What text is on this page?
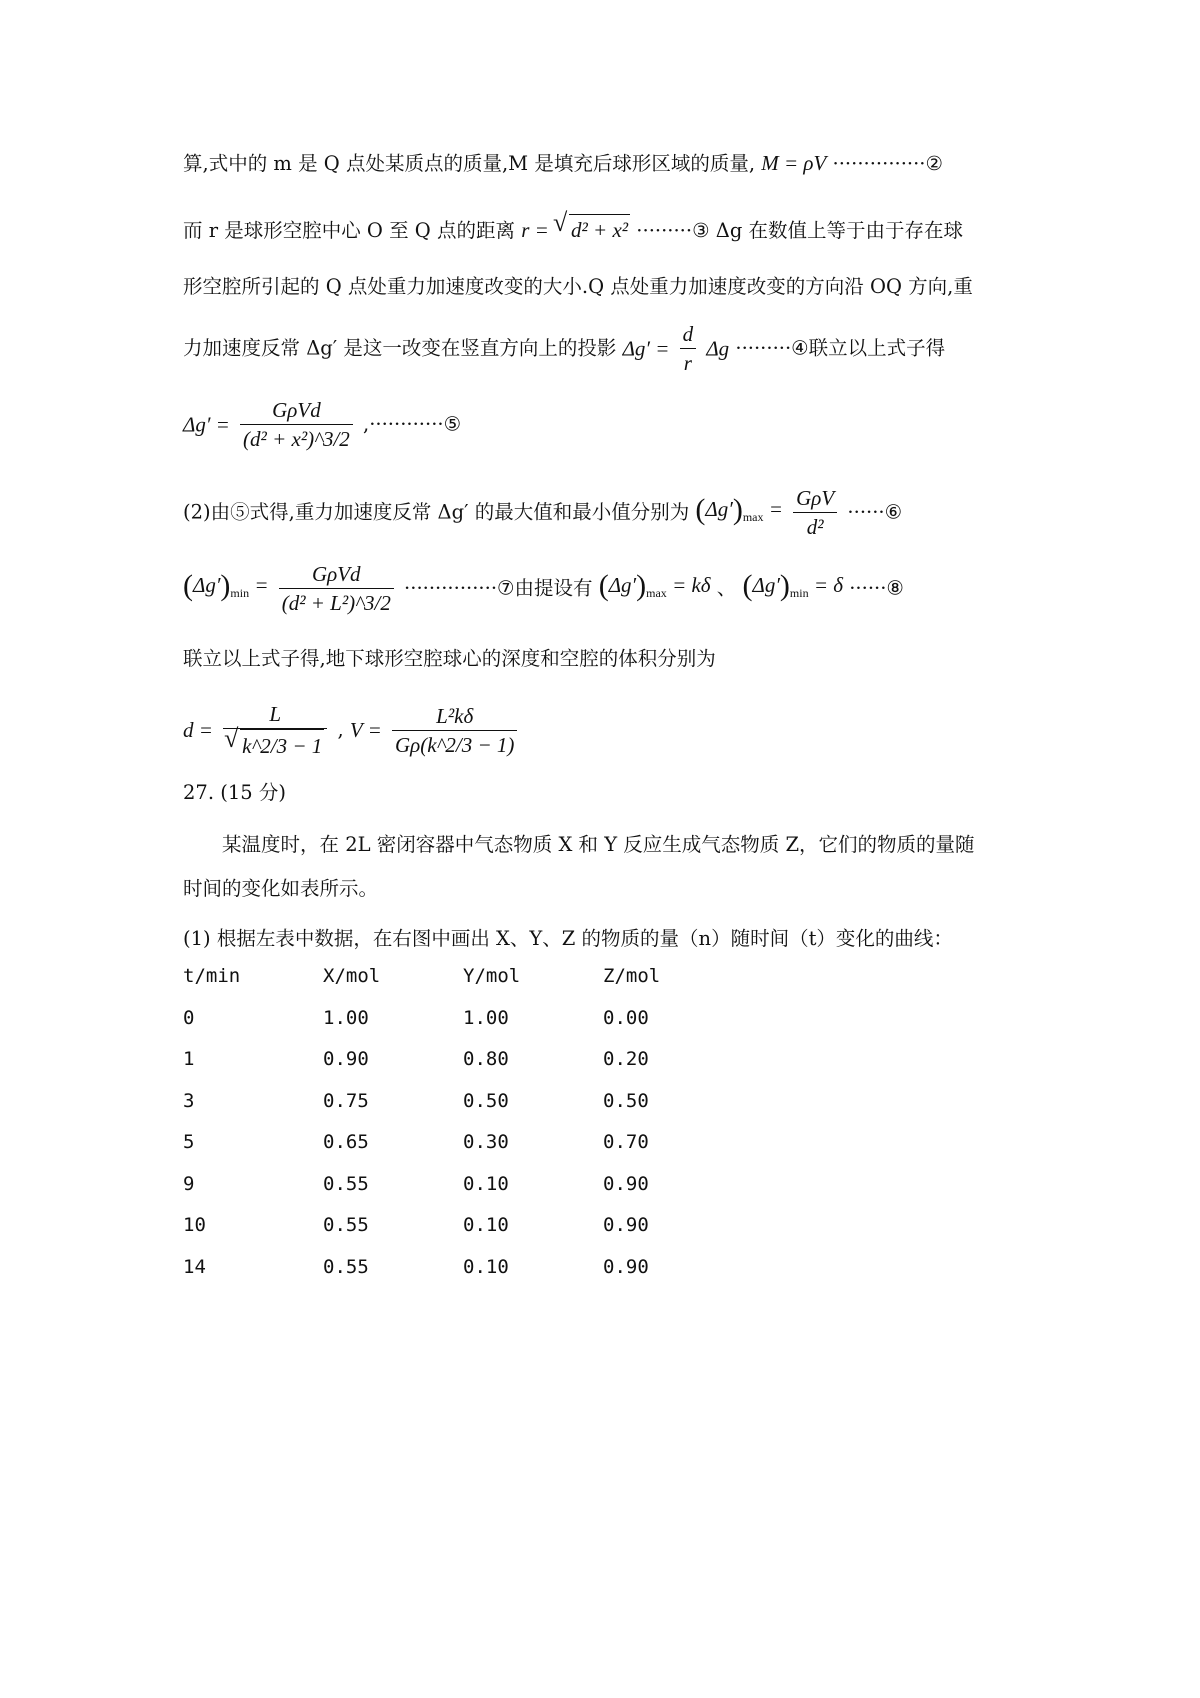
算,式中的 m 是 Q 点处某质点的质量,M 是填充后球形区域的质量, M = ρV ···············②
而 r 是球形空腔中心 O 至 Q 点的距离 r = √ d² + x² ·········③ Δg 在数值上等于由于存在球
形空腔所引起的 Q 点处重力加速度改变的大小.Q 点处重力加速度改变的方向沿 OQ 方向,重
力加速度反常 Δg′ 是这一改变在竖直方向上的投影 $\Delta g' = \frac{d}{r}$ Δg ·········④联立以上式子得
$\Delta g' = \frac{\text{GρVd}}{\text{(d² + x²)\textasciicircum{}3/2}}$ ,············⑤
(2)由⑤式得,重力加速度反常 Δg′ 的最大值和最小值分别为 $(\Delta g')_{max} = \frac{\text{GρV}}{\text{d²}}$ ······⑥
$(\Delta g')_{min} = \frac{\text{GρVd}}{\text{(d² + L²)\textasciicircum{}3/2}}$ ···············⑦由提设有 $(\Delta g')_{max} = k\delta$ 、 $(\Delta g')_{min} = \delta$ ······⑧
联立以上式子得,地下球形空腔球心的深度和空腔的体积分别为
d = L
√ k^2/3 − 1 , $V = \frac{\text{L²kδ}}{G\rho(k\^{}2/3 - 1)}$
27. (15 分)
某温度时，在 2L 密闭容器中气态物质 X 和 Y 反应生成气态物质 Z，它们的物质的量随
时间的变化如表所示。
(1) 根据左表中数据，在右图中画出 X、Y、Z 的物质的量（n）随时间（t）变化的曲线：
t/min	X/mol	Y/mol	Z/mol
0	1.00	1.00	0.00
1	0.90	0.80	0.20
3	0.75	0.50	0.50
5	0.65	0.30	0.70
9	0.55	0.10	0.90
10	0.55	0.10	0.90
14	0.55	0.10	0.90
